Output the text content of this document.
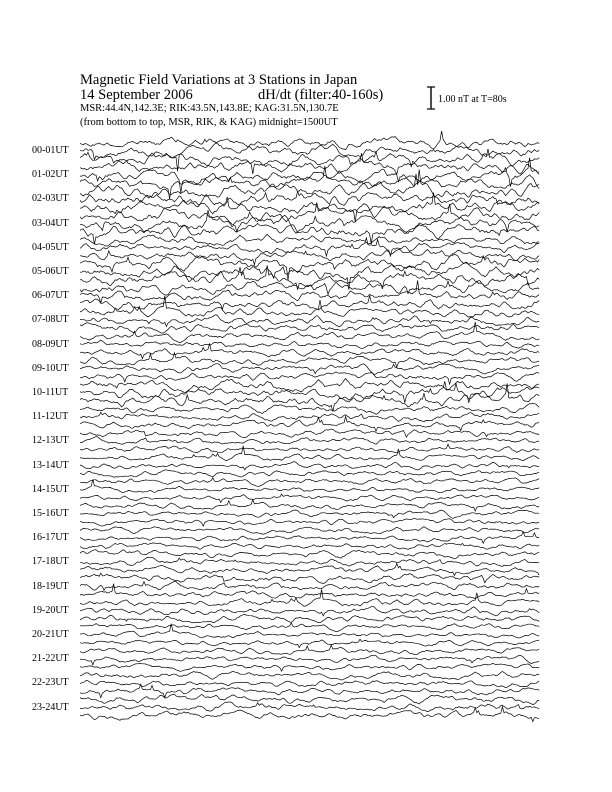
Magnetic Field Variations at 3 Stations in Japan
14 September 2006	dH/dt (filter:40-160s)
MSR:44.4N,142.3E; RIK:43.5N,143.8E; KAG:31.5N,130.7E
(from bottom to top, MSR, RIK, & KAG) midnight=1500UT
1.00 nT at T=80s
00-01UT
01-02UT
02-03UT
03-04UT
04-05UT
05-06UT
06-07UT
07-08UT
08-09UT
09-10UT
10-11UT
11-12UT
12-13UT
13-14UT
14-15UT
15-16UT
16-17UT
17-18UT
18-19UT
19-20UT
20-21UT
21-22UT
22-23UT
23-24UT
